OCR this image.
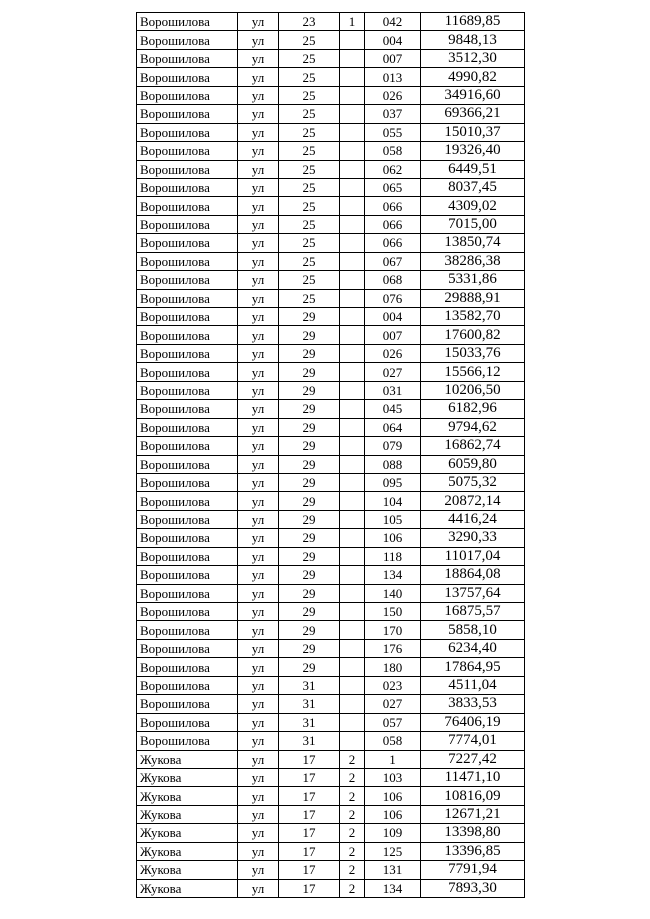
Ворошилова	ул	23	1	042	11689,85
Ворошилова	ул	25		004	9848,13
Ворошилова	ул	25		007	3512,30
Ворошилова	ул	25		013	4990,82
Ворошилова	ул	25		026	34916,60
Ворошилова	ул	25		037	69366,21
Ворошилова	ул	25		055	15010,37
Ворошилова	ул	25		058	19326,40
Ворошилова	ул	25		062	6449,51
Ворошилова	ул	25		065	8037,45
Ворошилова	ул	25		066	4309,02
Ворошилова	ул	25		066	7015,00
Ворошилова	ул	25		066	13850,74
Ворошилова	ул	25		067	38286,38
Ворошилова	ул	25		068	5331,86
Ворошилова	ул	25		076	29888,91
Ворошилова	ул	29		004	13582,70
Ворошилова	ул	29		007	17600,82
Ворошилова	ул	29		026	15033,76
Ворошилова	ул	29		027	15566,12
Ворошилова	ул	29		031	10206,50
Ворошилова	ул	29		045	6182,96
Ворошилова	ул	29		064	9794,62
Ворошилова	ул	29		079	16862,74
Ворошилова	ул	29		088	6059,80
Ворошилова	ул	29		095	5075,32
Ворошилова	ул	29		104	20872,14
Ворошилова	ул	29		105	4416,24
Ворошилова	ул	29		106	3290,33
Ворошилова	ул	29		118	11017,04
Ворошилова	ул	29		134	18864,08
Ворошилова	ул	29		140	13757,64
Ворошилова	ул	29		150	16875,57
Ворошилова	ул	29		170	5858,10
Ворошилова	ул	29		176	6234,40
Ворошилова	ул	29		180	17864,95
Ворошилова	ул	31		023	4511,04
Ворошилова	ул	31		027	3833,53
Ворошилова	ул	31		057	76406,19
Ворошилова	ул	31		058	7774,01
Жукова	ул	17	2	1	7227,42
Жукова	ул	17	2	103	11471,10
Жукова	ул	17	2	106	10816,09
Жукова	ул	17	2	106	12671,21
Жукова	ул	17	2	109	13398,80
Жукова	ул	17	2	125	13396,85
Жукова	ул	17	2	131	7791,94
Жукова	ул	17	2	134	7893,30
